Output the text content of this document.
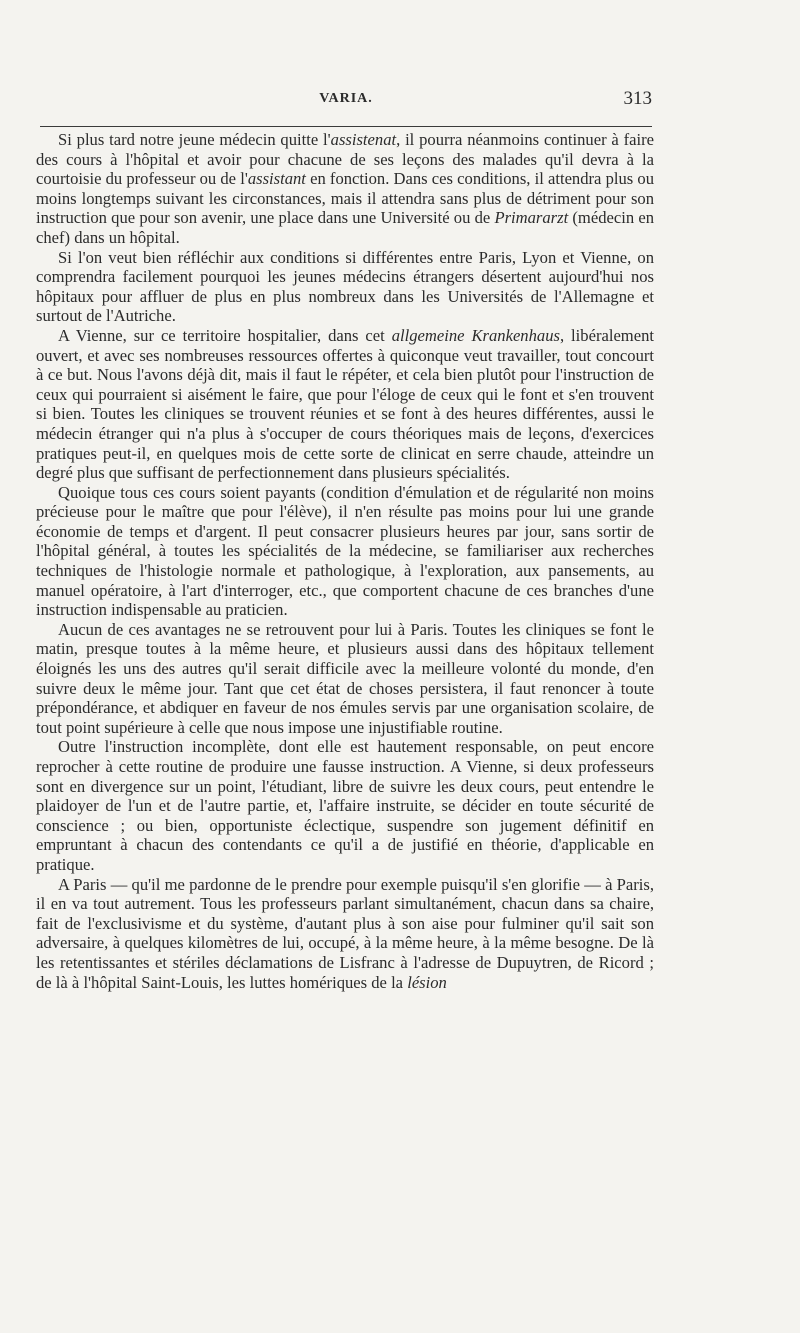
VARIA.	313

Si plus tard notre jeune médecin quitte l'assistenat, il pourra néanmoins continuer à faire des cours à l'hôpital et avoir pour chacune de ses leçons des malades qu'il devra à la courtoisie du professeur ou de l'assistant en fonction. Dans ces conditions, il attendra plus ou moins longtemps suivant les circonstances, mais il attendra sans plus de détriment pour son instruction que pour son avenir, une place dans une Université ou de Primararzt (médecin en chef) dans un hôpital.

Si l'on veut bien réfléchir aux conditions si différentes entre Paris, Lyon et Vienne, on comprendra facilement pourquoi les jeunes médecins étrangers désertent aujourd'hui nos hôpitaux pour affluer de plus en plus nombreux dans les Universités de l'Allemagne et surtout de l'Autriche.

A Vienne, sur ce territoire hospitalier, dans cet allgemeine Krankenhaus, libéralement ouvert, et avec ses nombreuses ressources offertes à quiconque veut travailler, tout concourt à ce but. Nous l'avons déjà dit, mais il faut le répéter, et cela bien plutôt pour l'instruction de ceux qui pourraient si aisément le faire, que pour l'éloge de ceux qui le font et s'en trouvent si bien. Toutes les cliniques se trouvent réunies et se font à des heures différentes, aussi le médecin étranger qui n'a plus à s'occuper de cours théoriques mais de leçons, d'exercices pratiques peut-il, en quelques mois de cette sorte de clinicat en serre chaude, atteindre un degré plus que suffisant de perfectionnement dans plusieurs spécialités.

Quoique tous ces cours soient payants (condition d'émulation et de régularité non moins précieuse pour le maître que pour l'élève), il n'en résulte pas moins pour lui une grande économie de temps et d'argent. Il peut consacrer plusieurs heures par jour, sans sortir de l'hôpital général, à toutes les spécialités de la médecine, se familiariser aux recherches techniques de l'histologie normale et pathologique, à l'exploration, aux pansements, au manuel opératoire, à l'art d'interroger, etc., que comportent chacune de ces branches d'une instruction indispensable au praticien.

Aucun de ces avantages ne se retrouvent pour lui à Paris. Toutes les cliniques se font le matin, presque toutes à la même heure, et plusieurs aussi dans des hôpitaux tellement éloignés les uns des autres qu'il serait difficile avec la meilleure volonté du monde, d'en suivre deux le même jour. Tant que cet état de choses persistera, il faut renoncer à toute prépondérance, et abdiquer en faveur de nos émules servis par une organisation scolaire, de tout point supérieure à celle que nous impose une injustifiable routine.

Outre l'instruction incomplète, dont elle est hautement responsable, on peut encore reprocher à cette routine de produire une fausse instruction. A Vienne, si deux professeurs sont en divergence sur un point, l'étudiant, libre de suivre les deux cours, peut entendre le plaidoyer de l'un et de l'autre partie, et, l'affaire instruite, se décider en toute sécurité de conscience ; ou bien, opportuniste éclectique, suspendre son jugement définitif en empruntant à chacun des contendants ce qu'il a de justifié en théorie, d'applicable en pratique.

A Paris — qu'il me pardonne de le prendre pour exemple puisqu'il s'en glorifie — à Paris, il en va tout autrement. Tous les professeurs parlant simultanément, chacun dans sa chaire, fait de l'exclusivisme et du système, d'autant plus à son aise pour fulminer qu'il sait son adversaire, à quelques kilomètres de lui, occupé, à la même heure, à la même besogne. De là les retentissantes et stériles déclamations de Lisfranc à l'adresse de Dupuytren, de Ricord ; de là à l'hôpital Saint-Louis, les luttes homériques de la lésion
